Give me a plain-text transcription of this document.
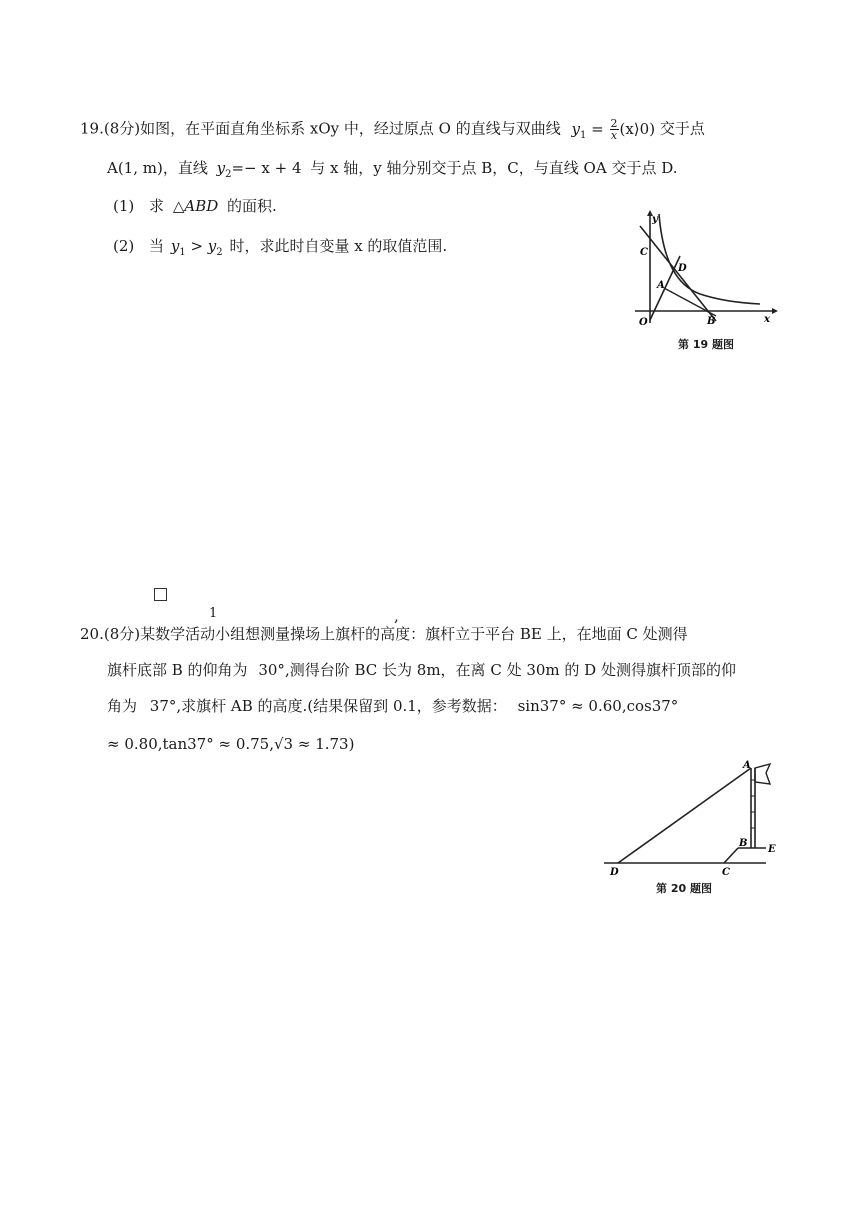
19.(8分)如图，在平面直角坐标系 xOy 中，经过原点 O 的直线与双曲线 $y_1 = \frac{2}{x}$ (x⟩0) 交于点
A(1, m)，直线 $y_2=- x + 4$ 与 x 轴，y 轴分别交于点 B，C，与直线 OA 交于点 D.
(1) 求 △ABD 的面积.
(2) 当 $y_1 > y_2$ 时，求此时自变量 x 的取值范围.
y
x
O
A
B
C
D
第 19 题图
1	,
20.(8分)某数学活动小组想测量操场上旗杆的高度：旗杆立于平台 BE 上，在地面 C 处测得
旗杆底部 B 的仰角为 30°,测得台阶 BC 长为 8m，在离 C 处 30m 的 D 处测得旗杆顶部的仰
角为 37°,求旗杆 AB 的高度.(结果保留到 0.1，参考数据： sin37° ≈ 0.60,cos37°
≈ 0.80,tan37° ≈ 0.75,√3 ≈ 1.73)
A
B
C
D
E
第 20 题图
